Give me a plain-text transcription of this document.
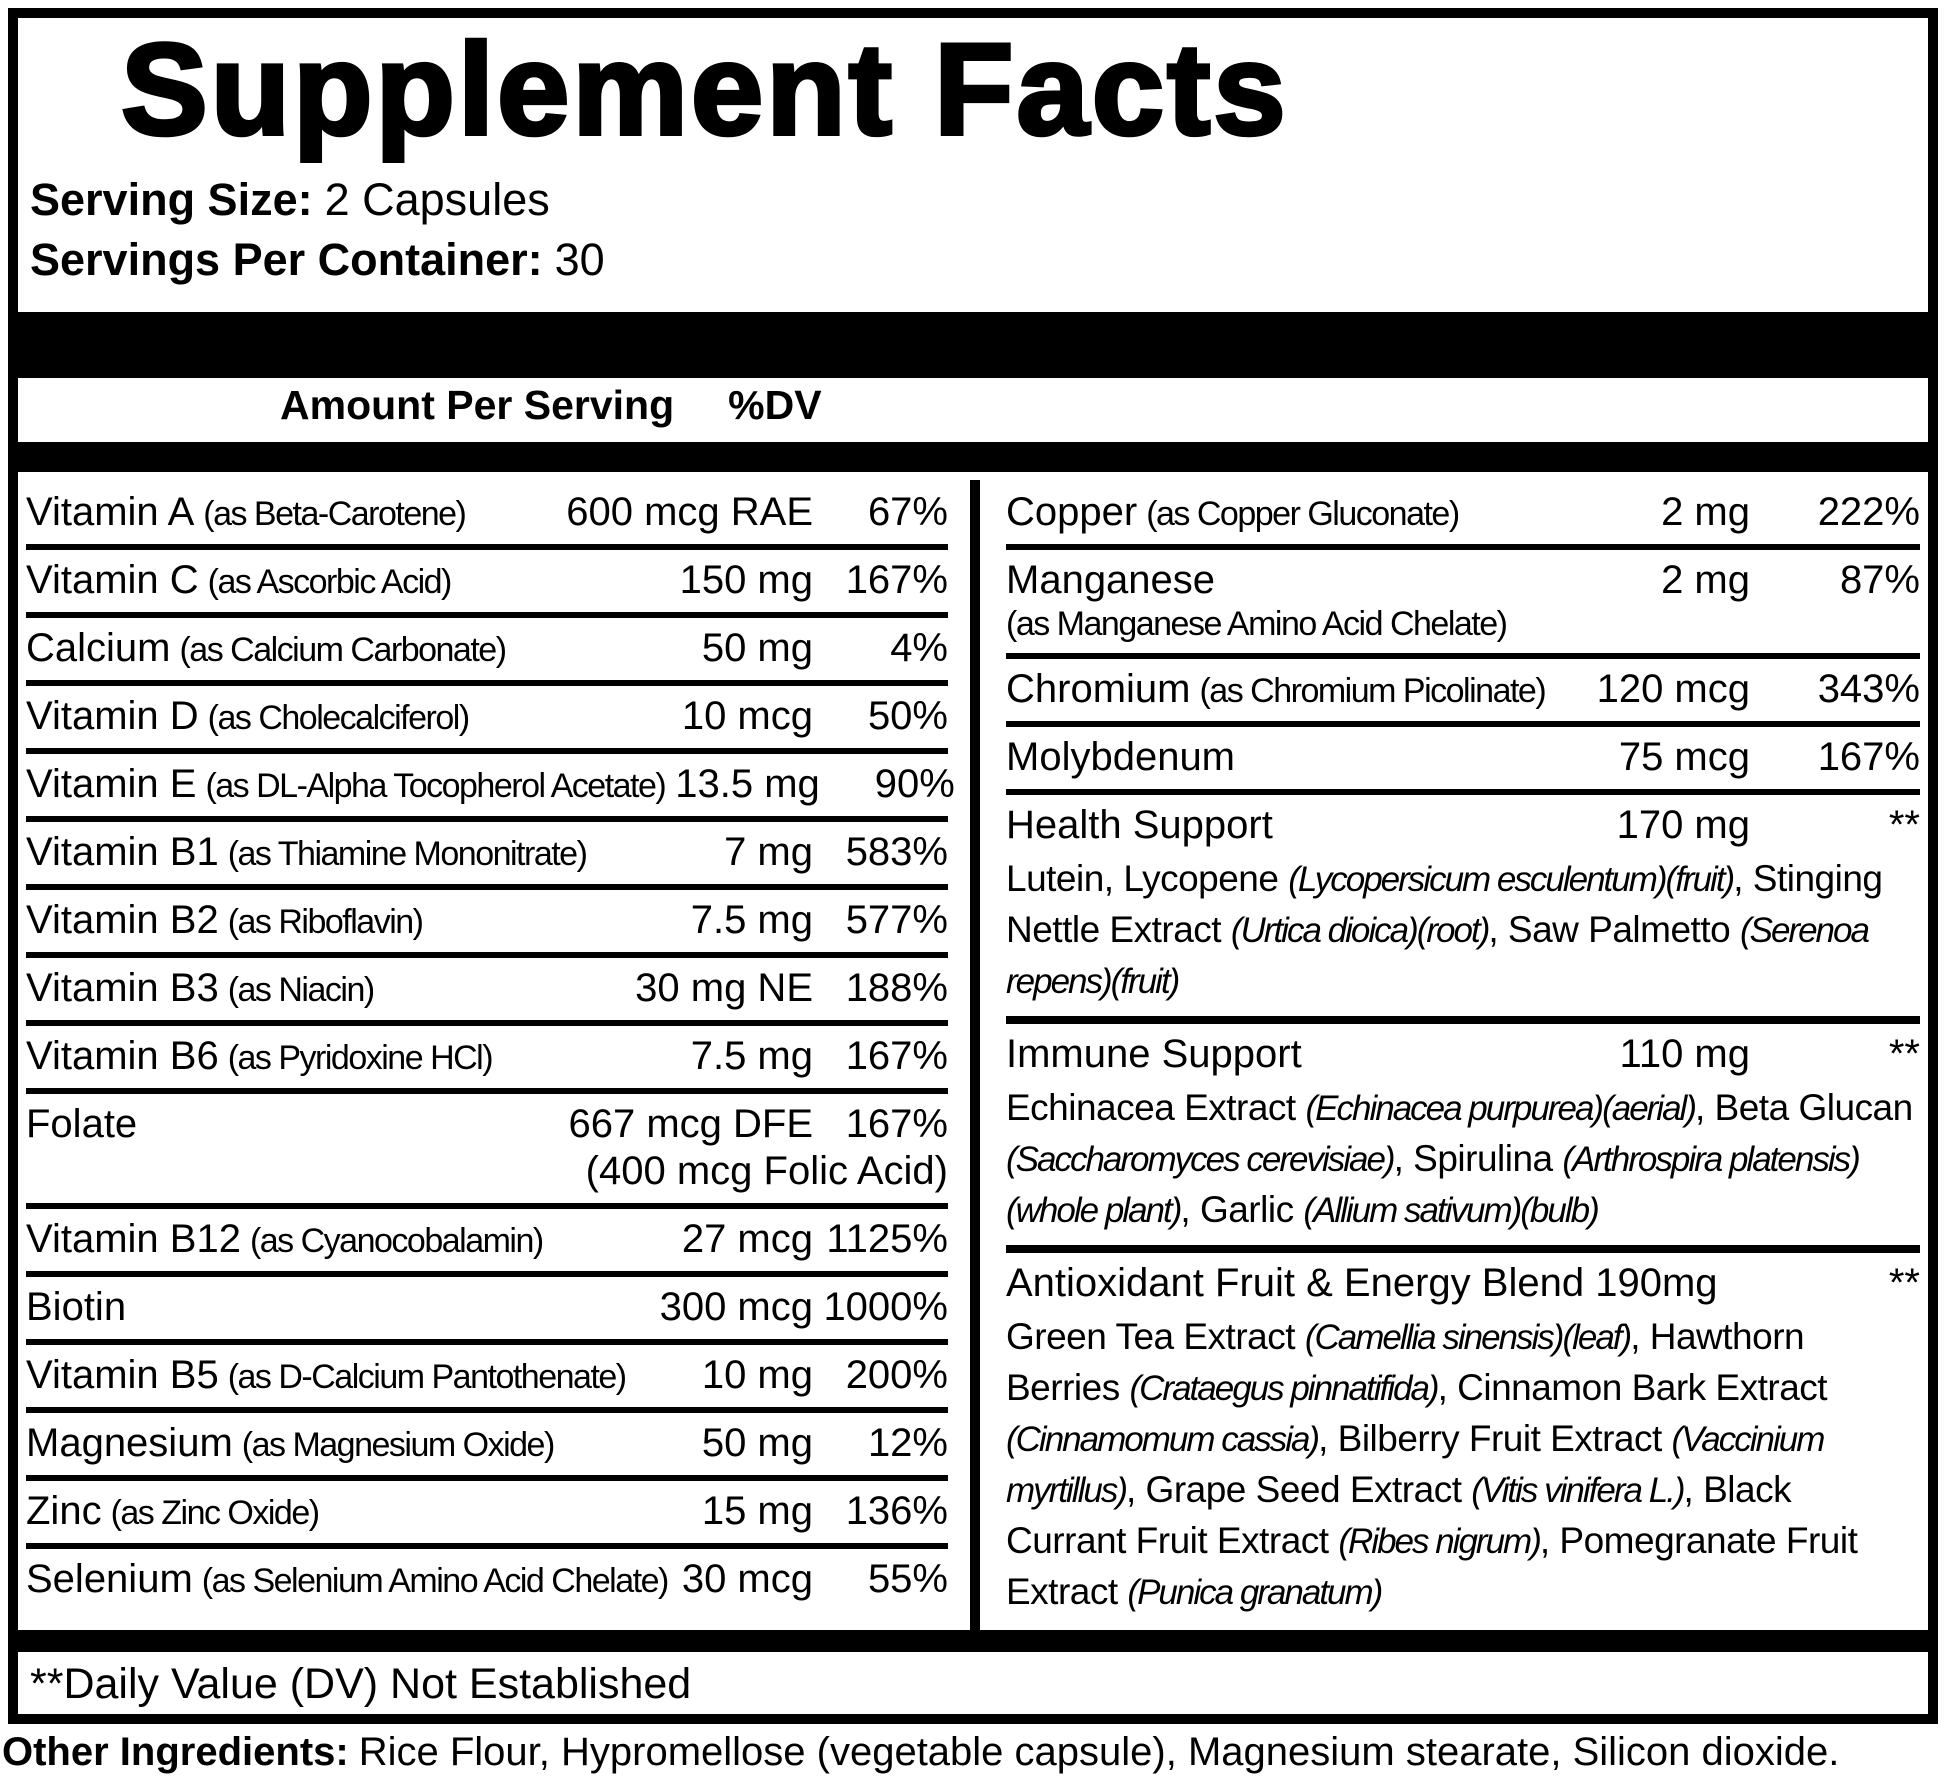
Supplement Facts
Serving Size: 2 Capsules
Servings Per Container: 30
Amount Per Serving %DV
Vitamin A (as Beta-Carotene)	600 mcg RAE	67%
Vitamin C (as Ascorbic Acid)	150 mg 167%
Calcium (as Calcium Carbonate)	50 mg	4%
Vitamin D (as Cholecalciferol)	10 mcg	50%
Vitamin E (as DL-Alpha Tocopherol Acetate) 13.5 mg	90%
Vitamin B1 (as Thiamine Mononitrate)	7 mg 583%
Vitamin B2 (as Riboflavin)	7.5 mg 577%
Vitamin B3 (as Niacin)	30 mg NE 188%
Vitamin B6 (as Pyridoxine HCl)	7.5 mg 167%
Folate	667 mcg DFE 167%
(400 mcg Folic Acid)
Vitamin B12 (as Cyanocobalamin)	27 mcg 1125%
Biotin	300 mcg 1000%
Vitamin B5 (as D-Calcium Pantothenate) 10 mg 200%
Magnesium (as Magnesium Oxide)	50 mg	12%
Zinc (as Zinc Oxide)	15 mg 136%
Selenium (as Selenium Amino Acid Chelate) 30 mcg	55%
Copper (as Copper Gluconate)	2 mg	222%
Manganese	2 mg	87%
(as Manganese Amino Acid Chelate)
Chromium (as Chromium Picolinate) 120 mcg	343%
Molybdenum	75 mcg	167%
Health Support	170 mg	**
Lutein, Lycopene (Lycopersicum esculentum)(fruit), Stinging Nettle Extract (Urtica dioica)(root), Saw Palmetto (Serenoa repens)(fruit)
Immune Support	110 mg	**
Echinacea Extract (Echinacea purpurea)(aerial), Beta Glucan (Saccharomyces cerevisiae), Spirulina (Arthrospira platensis)(whole plant), Garlic (Allium sativum)(bulb)
Antioxidant Fruit & Energy Blend 190mg	**
Green Tea Extract (Camellia sinensis)(leaf), Hawthorn Berries (Crataegus pinnatifida), Cinnamon Bark Extract (Cinnamomum cassia), Bilberry Fruit Extract (Vaccinium myrtillus), Grape Seed Extract (Vitis vinifera L.), Black Currant Fruit Extract (Ribes nigrum), Pomegranate Fruit Extract (Punica granatum)
**Daily Value (DV) Not Established
Other Ingredients: Rice Flour, Hypromellose (vegetable capsule), Magnesium stearate, Silicon dioxide.
